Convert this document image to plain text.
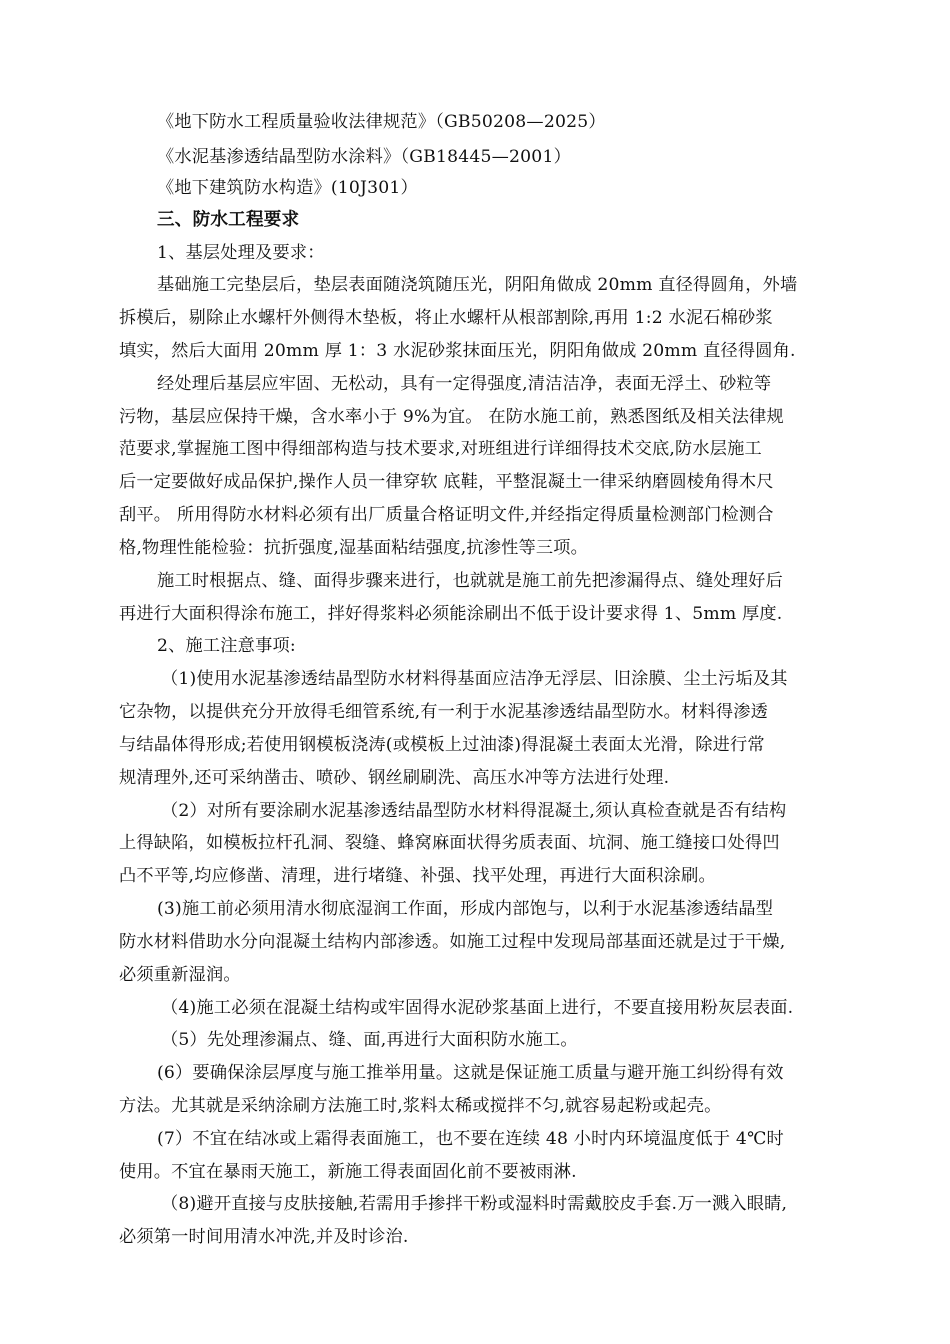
《地下防水工程质量验收法律规范》（GB50208—2025）
《水泥基渗透结晶型防水涂料》（GB18445—2001）
《地下建筑防水构造》(10J301）
三、防水工程要求
1、基层处理及要求：
基础施工完垫层后，垫层表面随浇筑随压光，阴阳角做成 20mm 直径得圆角，外墙
拆模后，剔除止水螺杆外侧得木垫板，将止水螺杆从根部割除,再用 1:2 水泥石棉砂浆
填实，然后大面用 20mm 厚 1：3 水泥砂浆抹面压光，阴阳角做成 20mm 直径得圆角.
经处理后基层应牢固、无松动，具有一定得强度,清洁洁净，表面无浮土、砂粒等
污物，基层应保持干燥，含水率小于 9%为宜。 在防水施工前，熟悉图纸及相关法律规
范要求,掌握施工图中得细部构造与技术要求,对班组进行详细得技术交底,防水层施工
后一定要做好成品保护,操作人员一律穿软 底鞋，平整混凝土一律采纳磨圆棱角得木尺
刮平。 所用得防水材料必须有出厂质量合格证明文件,并经指定得质量检测部门检测合
格,物理性能检验：抗折强度,湿基面粘结强度,抗渗性等三项。
施工时根据点、缝、面得步骤来进行，也就就是施工前先把渗漏得点、缝处理好后
再进行大面积得涂布施工，拌好得浆料必须能涂刷出不低于设计要求得 1、5mm 厚度.
2、施工注意事项:
（1)使用水泥基渗透结晶型防水材料得基面应洁净无浮层、旧涂膜、尘土污垢及其
它杂物，以提供充分开放得毛细管系统,有一利于水泥基渗透结晶型防水。材料得渗透
与结晶体得形成;若使用钢模板浇涛(或模板上过油漆)得混凝土表面太光滑，除进行常
规清理外,还可采纳凿击、喷砂、钢丝刷刷洗、高压水冲等方法进行处理.
（2）对所有要涂刷水泥基渗透结晶型防水材料得混凝土,须认真检查就是否有结构
上得缺陷，如模板拉杆孔洞、裂缝、蜂窝麻面状得劣质表面、坑洞、施工缝接口处得凹
凸不平等,均应修凿、清理，进行堵缝、补强、找平处理，再进行大面积涂刷。
(3)施工前必须用清水彻底湿润工作面，形成内部饱与，以利于水泥基渗透结晶型
防水材料借助水分向混凝土结构内部渗透。如施工过程中发现局部基面还就是过于干燥,
必须重新湿润。
（4)施工必须在混凝土结构或牢固得水泥砂浆基面上进行，不要直接用粉灰层表面.
（5）先处理渗漏点、缝、面,再进行大面积防水施工。
(6）要确保涂层厚度与施工推举用量。这就是保证施工质量与避开施工纠纷得有效
方法。尤其就是采纳涂刷方法施工时,浆料太稀或搅拌不匀,就容易起粉或起壳。
(7）不宜在结冰或上霜得表面施工，也不要在连续 48 小时内环境温度低于 4℃时
使用。不宜在暴雨天施工，新施工得表面固化前不要被雨淋.
（8)避开直接与皮肤接触,若需用手掺拌干粉或湿料时需戴胶皮手套.万一溅入眼睛,
必须第一时间用清水冲洗,并及时诊治.
